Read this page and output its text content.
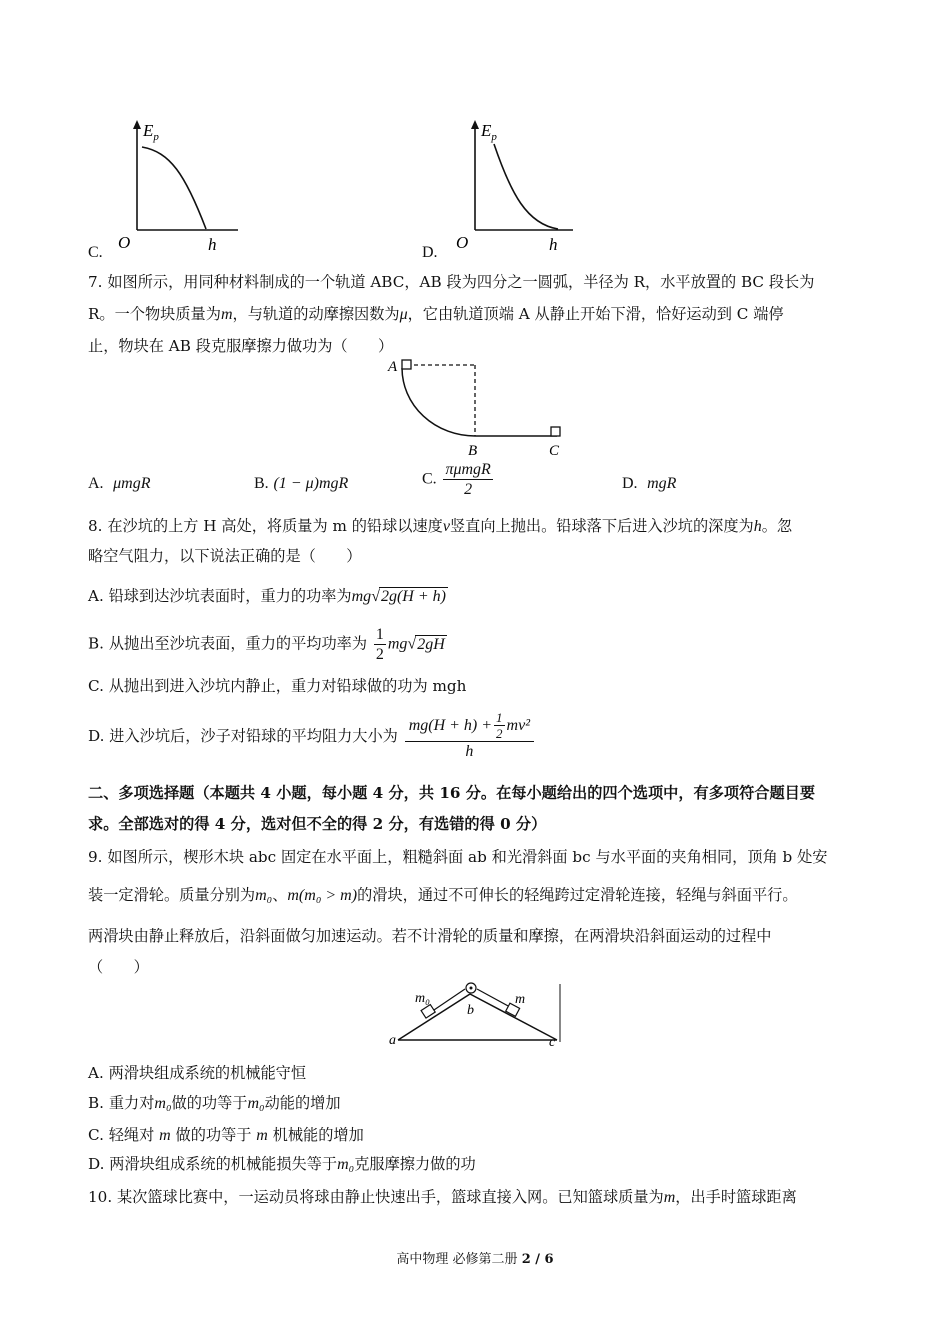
$E_p$
O	h
C.
$E_p$
O	h
D.
7. 如图所示，用同种材料制成的一个轨道 ABC，AB 段为四分之一圆弧，半径为 R，水平放置的 BC 段长为
R。一个物块质量为m，与轨道的动摩擦因数为μ，它由轨道顶端 A 从静止开始下滑，恰好运动到 C 端停
止，物块在 AB 段克服摩擦力做功为（　　）
A
B	C
A. μmgR	B. (1 − μ)mgR	C. $\frac{\text{πμmgR}}{2}$	D. mgR
8. 在沙坑的上方 H 高处，将质量为 m 的铅球以速度v竖直向上抛出。铅球落下后进入沙坑的深度为h。忽
略空气阻力，以下说法正确的是（　　）
A. 铅球到达沙坑表面时，重力的功率为mg√2g(H + h)
B. 从抛出至沙坑表面，重力的平均功率为 $\frac{1}{2} mg√2gH$
C. 从抛出到进入沙坑内静止，重力对铅球做的功为 mgh
D. 进入沙坑后，沙子对铅球的平均阻力大小为 $\frac{mg(H + h) + \frac{1}{2} mv^2}{h}$
二、多项选择题（本题共 4 小题，每小题 4 分，共 16 分。在每小题给出的四个选项中，有多项符合题目要
求。全部选对的得 4 分，选对但不全的得 2 分，有选错的得 0 分）
9. 如图所示，楔形木块 abc 固定在水平面上，粗糙斜面 ab 和光滑斜面 bc 与水平面的夹角相同，顶角 b 处安
装一定滑轮。质量分别为m₀、m(m₀ > m)的滑块，通过不可伸长的轻绳跨过定滑轮连接，轻绳与斜面平行。
两滑块由静止释放后，沿斜面做匀加速运动。若不计滑轮的质量和摩擦，在两滑块沿斜面运动的过程中
（　　）
m₀	m
a
b
c
A. 两滑块组成系统的机械能守恒
B. 重力对m₀做的功等于m₀动能的增加
C. 轻绳对 m 做的功等于 m 机械能的增加
D. 两滑块组成系统的机械能损失等于m₀克服摩擦力做的功
10. 某次篮球比赛中，一运动员将球由静止快速出手，篮球直接入网。已知篮球质量为m，出手时篮球距离
高中物理 必修第二册 2 / 6
